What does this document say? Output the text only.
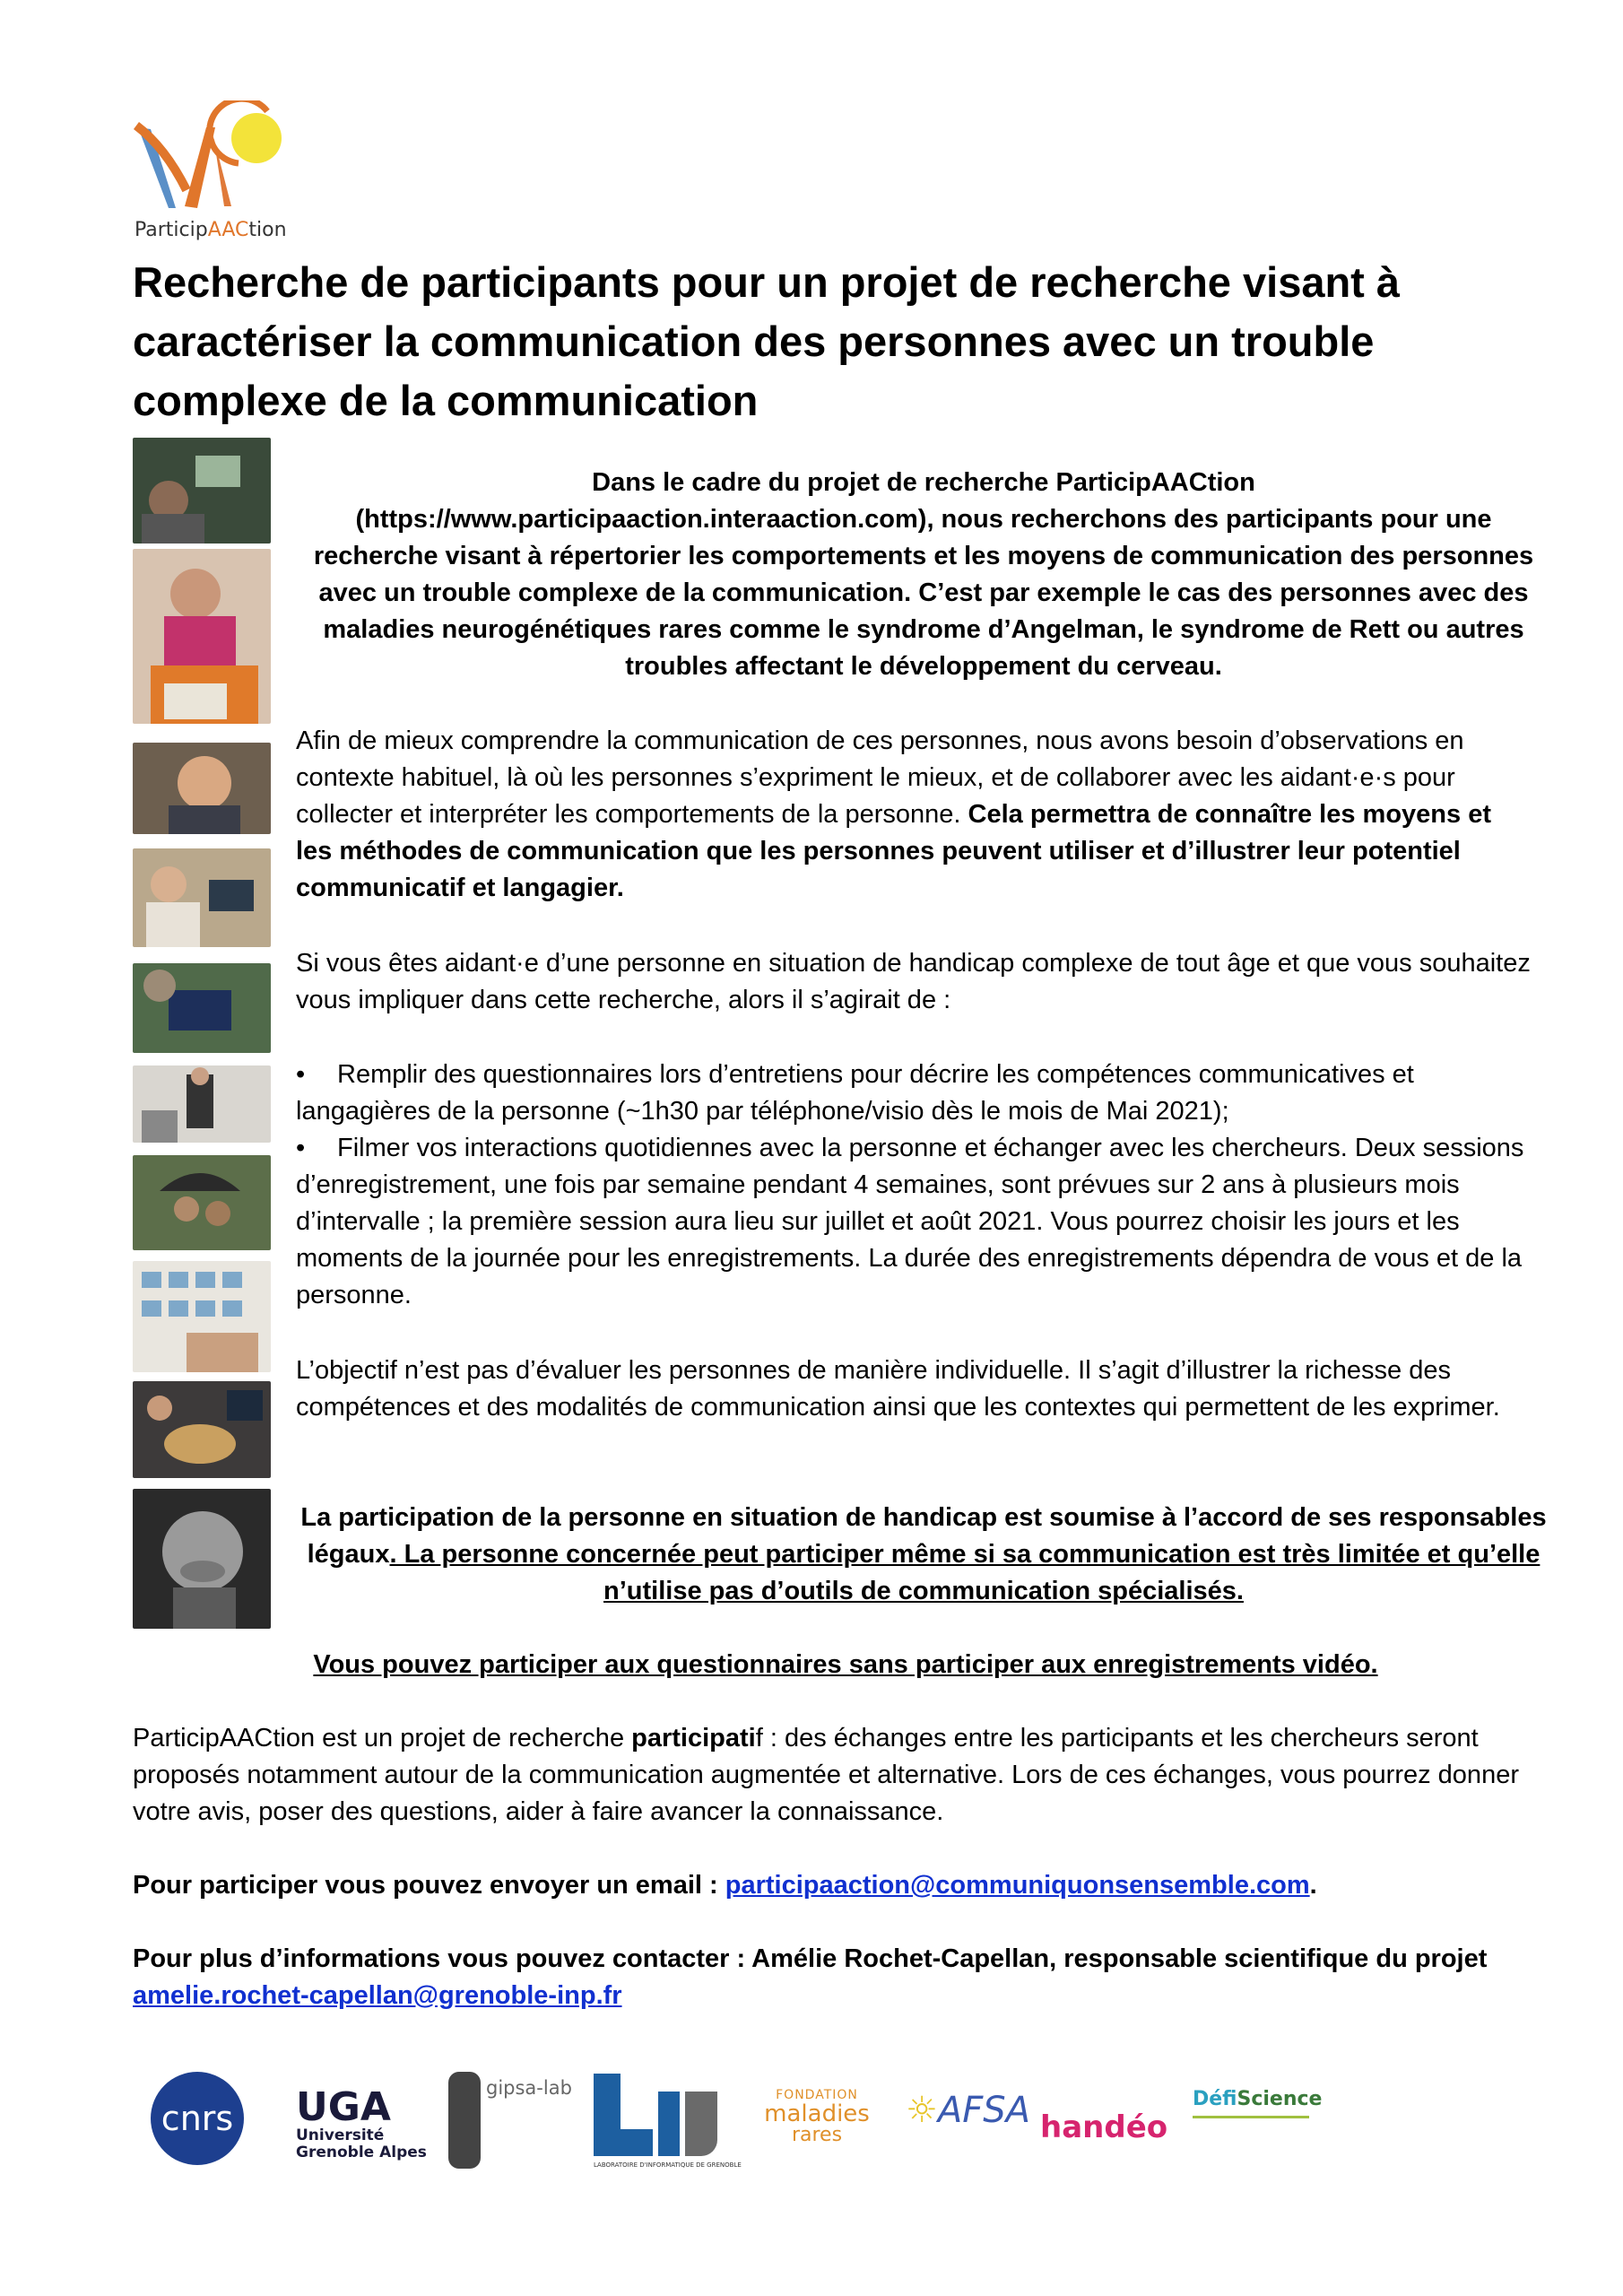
ParticipAACtion
Recherche de participants pour un projet de recherche visant à caractériser la communication des personnes avec un trouble complexe de la communication

Dans le cadre du projet de recherche ParticipAACtion
(https://www.participaaction.interaaction.com), nous recherchons des participants pour une recherche visant à répertorier les comportements et les moyens de communication des personnes avec un trouble complexe de la communication. C’est par exemple le cas des personnes avec des maladies neurogénétiques rares comme le syndrome d’Angelman, le syndrome de Rett ou autres troubles affectant le développement du cerveau.

Afin de mieux comprendre la communication de ces personnes, nous avons besoin d’observations en contexte habituel, là où les personnes s’expriment le mieux, et de collaborer avec les aidant·e·s pour collecter et interpréter les comportements de la personne. Cela permettra de connaître les moyens et les méthodes de communication que les personnes peuvent utiliser et d’illustrer leur potentiel communicatif et langagier.

Si vous êtes aidant·e d’une personne en situation de handicap complexe de tout âge et que vous souhaitez vous impliquer dans cette recherche, alors il s’agirait de :

• Remplir des questionnaires lors d’entretiens pour décrire les compétences communicatives et langagières de la personne (~1h30 par téléphone/visio dès le mois de Mai 2021);
• Filmer vos interactions quotidiennes avec la personne et échanger avec les chercheurs. Deux sessions d’enregistrement, une fois par semaine pendant 4 semaines, sont prévues sur 2 ans à plusieurs mois d’intervalle ; la première session aura lieu sur juillet et août 2021. Vous pourrez choisir les jours et les moments de la journée pour les enregistrements. La durée des enregistrements dépendra de vous et de la personne.

L’objectif n’est pas d’évaluer les personnes de manière individuelle. Il s’agit d’illustrer la richesse des compétences et des modalités de communication ainsi que les contextes qui permettent de les exprimer.

La participation de la personne en situation de handicap est soumise à l’accord de ses responsables légaux. La personne concernée peut participer même si sa communication est très limitée et qu’elle n’utilise pas d’outils de communication spécialisés.

Vous pouvez participer aux questionnaires sans participer aux enregistrements vidéo.

ParticipAACtion est un projet de recherche participatif : des échanges entre les participants et les chercheurs seront proposés notamment autour de la communication augmentée et alternative. Lors de ces échanges, vous pourrez donner votre avis, poser des questions, aider à faire avancer la connaissance.

Pour participer vous pouvez envoyer un email : participaaction@communiquonsensemble.com.

Pour plus d’informations vous pouvez contacter : Amélie Rochet-Capellan, responsable scientifique du projet amelie.rochet-capellan@grenoble-inp.fr

cnrs UGA
Université
Grenoble Alpes
gipsa-lab
LABORATOIRE D'INFORMATIQUE DE GRENOBLE
FONDATION
maladies
rares
☼AFSA handéo
DéfiScience
